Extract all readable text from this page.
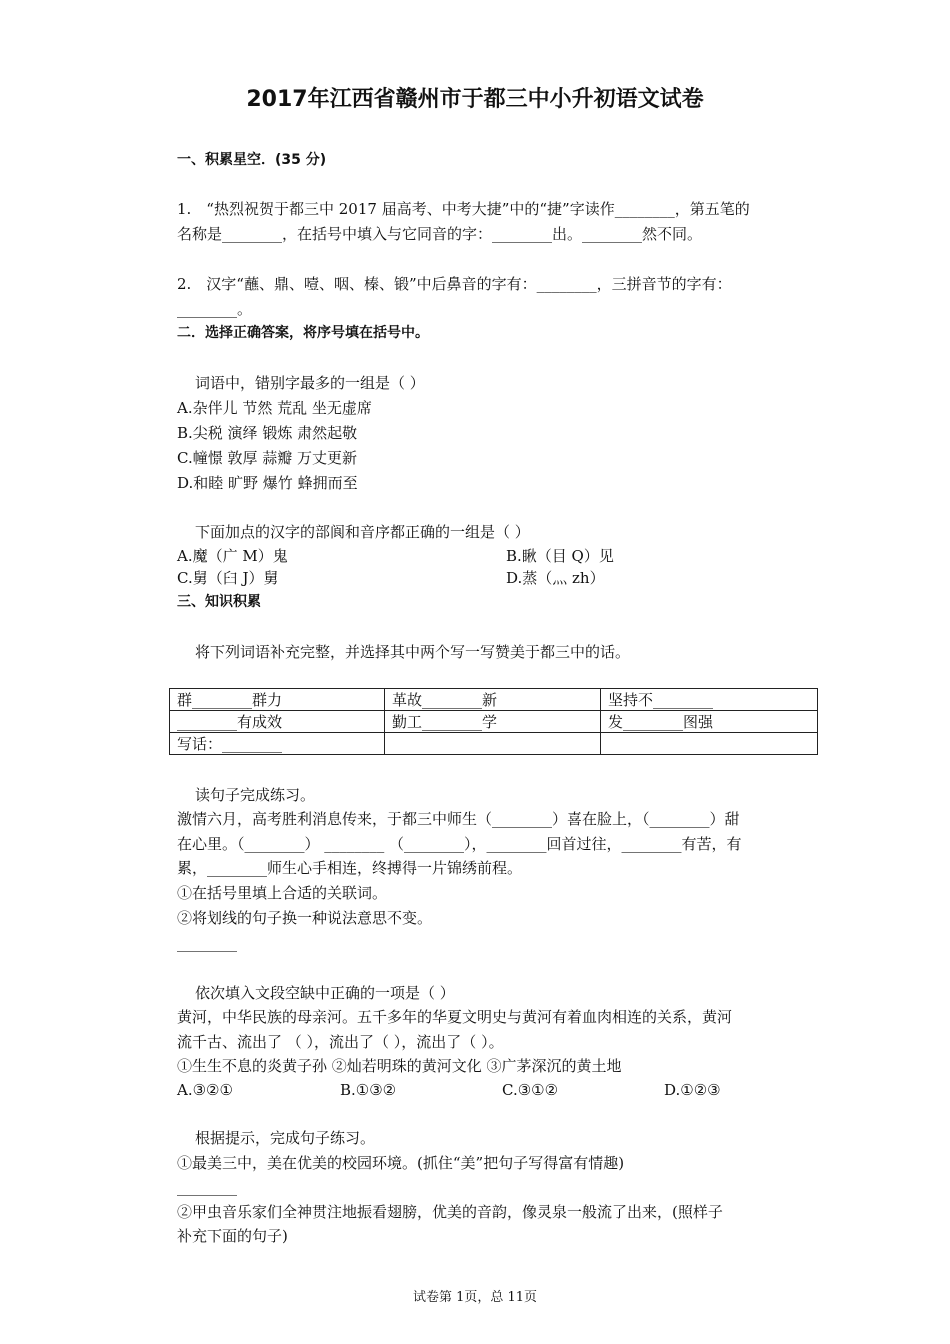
2017年江西省赣州市于都三中小升初语文试卷
一、积累星空．(35 分)
1.　“热烈祝贺于都三中 2017 届高考、中考大捷”中的“捷”字读作________，第五笔的
名称是________，在括号中填入与它同音的字：________出。________然不同。
2.　汉字“蘸、鼎、噎、咽、榛、锻”中后鼻音的字有：________，三拼音节的字有：
________。
二．选择正确答案，将序号填在括号中。
词语中，错别字最多的一组是（ ）
A.杂伴儿 节然 荒乱 坐无虚席
B.尖税 演绎 锻炼 肃然起敬
C.幢憬 敦厚 蒜瓣 万丈更新
D.和睦 旷野 爆竹 蜂拥而至
下面加点的汉字的部阆和音序都正确的一组是（ ）
A.魔（广 M）鬼	B.瞅（目 Q）见
C.舅（臼 J）舅	D.蒸（灬 zh）
三、知识积累
将下列词语补充完整，并选择其中两个写一写赞美于都三中的话。
群________群力	革故________新	坚持不________
________有成效	勤工________学	发________图强
写话：________		
读句子完成练习。
激情六月，高考胜利消息传来，于都三中师生（________）喜在脸上，（________）甜
在心里。（________） ________ （________），________回首过往，________有苦，有
累，________师生心手相连，终搏得一片锦绣前程。
①在括号里填上合适的关联词。
②将划线的句子换一种说法意思不变。
________
依次填入文段空缺中正确的一项是（ ）
黄河，中华民族的母亲河。五千多年的华夏文明史与黄河有着血肉相连的关系，黄河
流千古、流出了 （ ），流出了（ ），流出了（ ）。
①生生不息的炎黄子孙 ②灿若明珠的黄河文化 ③广茅深沉的黄土地
A.③②①	B.①③②	C.③①②	D.①②③
根据提示，完成句子练习。
①最美三中，美在优美的校园环境。(抓住“美”把句子写得富有情趣)
________
②甲虫音乐家们全神贯注地振看翅膀，优美的音韵，像灵泉一般流了出来，(照样子
补充下面的句子)
试卷第 1页，总 11页
